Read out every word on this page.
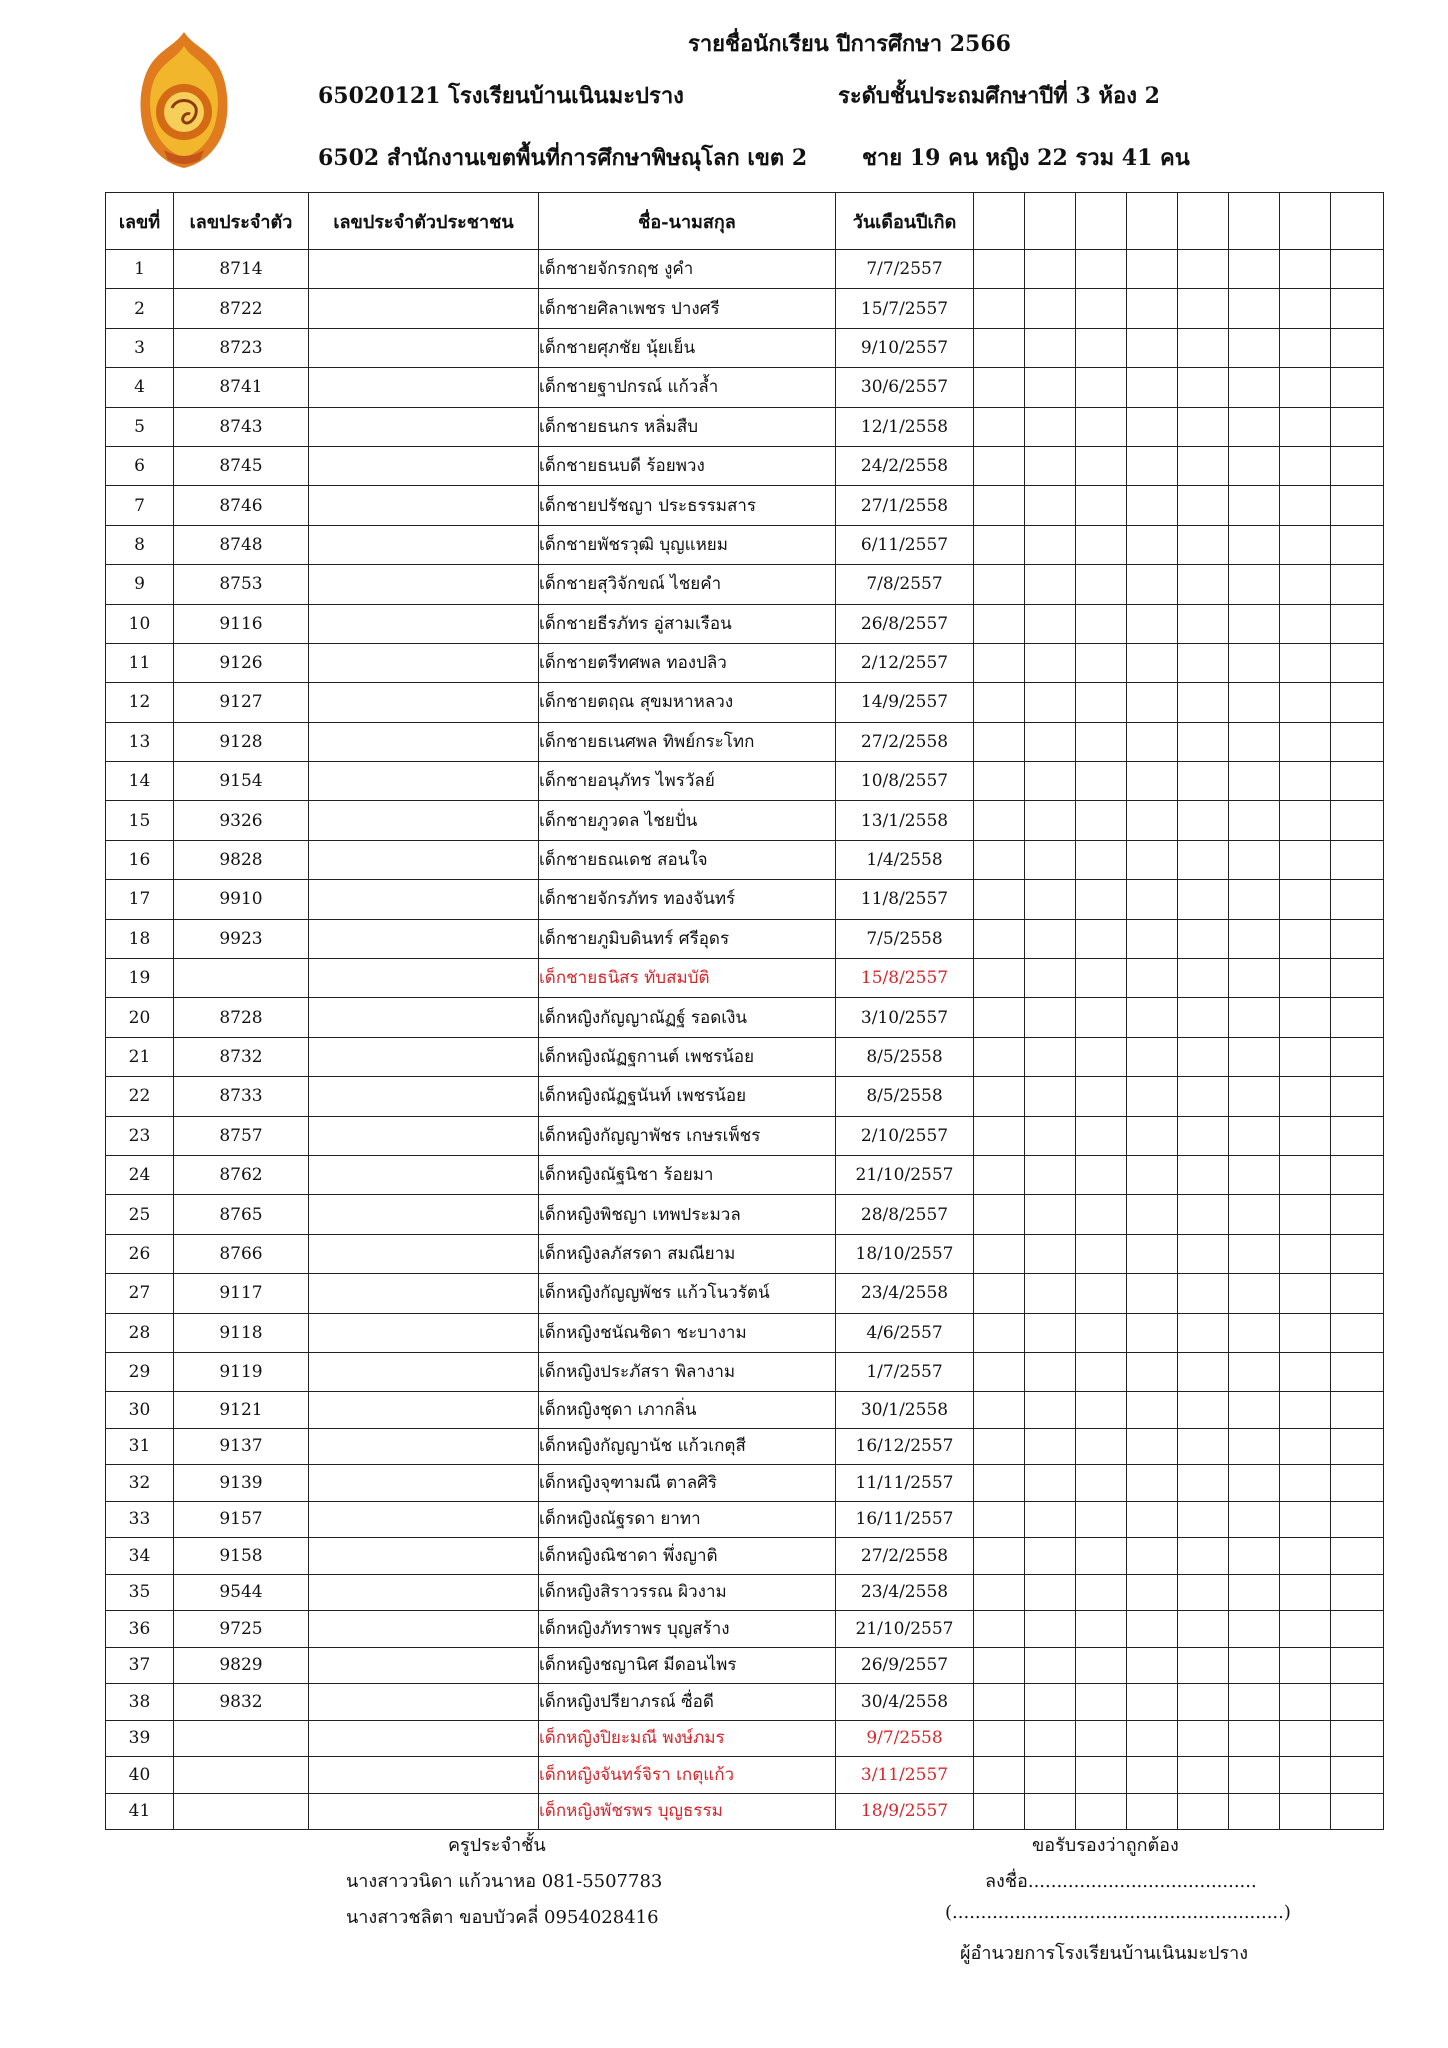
รายชื่อนักเรียน ปีการศึกษา 2566
65020121 โรงเรียนบ้านเนินมะปราง	ระดับชั้นประถมศึกษาปีที่ 3 ห้อง 2
6502 สำนักงานเขตพื้นที่การศึกษาพิษณุโลก เขต 2 ชาย 19 คน หญิง 22 รวม 41 คน
เลขที่	เลขประจำตัว	เลขประจำตัวประชาชน	ชื่อ-นามสกุล	วันเดือนปีเกิด								
1	8714		เด็กชายจักรกฤช งูคำ	7/7/2557								
2	8722		เด็กชายศิลาเพชร ปางศรี	15/7/2557								
3	8723		เด็กชายศุภชัย นุ้ยเย็น	9/10/2557								
4	8741		เด็กชายฐาปกรณ์ แก้วล้ำ	30/6/2557								
5	8743		เด็กชายธนกร หลิ่มสืบ	12/1/2558								
6	8745		เด็กชายธนบดี ร้อยพวง	24/2/2558								
7	8746		เด็กชายปรัชญา ประธรรมสาร	27/1/2558								
8	8748		เด็กชายพัชรวุฒิ บุญแหยม	6/11/2557								
9	8753		เด็กชายสุวิจักขณ์ ไชยคำ	7/8/2557								
10	9116		เด็กชายธีรภัทร อู่สามเรือน	26/8/2557								
11	9126		เด็กชายตรีทศพล ทองปลิว	2/12/2557								
12	9127		เด็กชายตฤณ สุขมหาหลวง	14/9/2557								
13	9128		เด็กชายธเนศพล ทิพย์กระโทก	27/2/2558								
14	9154		เด็กชายอนุภัทร ไพรวัลย์	10/8/2557								
15	9326		เด็กชายภูวดล ไชยปั่น	13/1/2558								
16	9828		เด็กชายธณเดช สอนใจ	1/4/2558								
17	9910		เด็กชายจักรภัทร ทองจันทร์	11/8/2557								
18	9923		เด็กชายภูมิบดินทร์ ศรีอุดร	7/5/2558								
19			เด็กชายธนิสร ทับสมบัติ	15/8/2557								
20	8728		เด็กหญิงกัญญาณัฏฐ์ รอดเงิน	3/10/2557								
21	8732		เด็กหญิงณัฏฐกานต์ เพชรน้อย	8/5/2558								
22	8733		เด็กหญิงณัฏฐนันท์ เพชรน้อย	8/5/2558								
23	8757		เด็กหญิงกัญญาพัชร เกษรเพ็ชร	2/10/2557								
24	8762		เด็กหญิงณัฐนิชา ร้อยมา	21/10/2557								
25	8765		เด็กหญิงพิชญา เทพประมวล	28/8/2557								
26	8766		เด็กหญิงลภัสรดา สมณียาม	18/10/2557								
27	9117		เด็กหญิงกัญญพัชร แก้วโนวรัตน์	23/4/2558								
28	9118		เด็กหญิงชนัณชิดา ชะบางาม	4/6/2557								
29	9119		เด็กหญิงประภัสรา พิลางาม	1/7/2557								
30	9121		เด็กหญิงชุดา เภากลิ่น	30/1/2558								
31	9137		เด็กหญิงกัญญานัช แก้วเกตุสี	16/12/2557								
32	9139		เด็กหญิงจุฑามณี ตาลศิริ	11/11/2557								
33	9157		เด็กหญิงณัฐรดา ยาทา	16/11/2557								
34	9158		เด็กหญิงณิชาดา พึ่งญาติ	27/2/2558								
35	9544		เด็กหญิงสิราวรรณ ผิวงาม	23/4/2558								
36	9725		เด็กหญิงภัทราพร บุญสร้าง	21/10/2557								
37	9829		เด็กหญิงชญานิศ มีดอนไพร	26/9/2557								
38	9832		เด็กหญิงปรียาภรณ์ ซื่อดี	30/4/2558								
39			เด็กหญิงปิยะมณี พงษ์ภมร	9/7/2558								
40			เด็กหญิงจันทร์จิรา เกตุแก้ว	3/11/2557								
41			เด็กหญิงพัชรพร บุญธรรม	18/9/2557								
ครูประจำชั้น
นางสาววนิดา แก้วนาหอ 081-5507783
นางสาวชลิตา ขอบบัวคลี่ 0954028416
ขอรับรองว่าถูกต้อง
ลงชื่อ........................................
(..........................................................)
ผู้อำนวยการโรงเรียนบ้านเนินมะปราง
